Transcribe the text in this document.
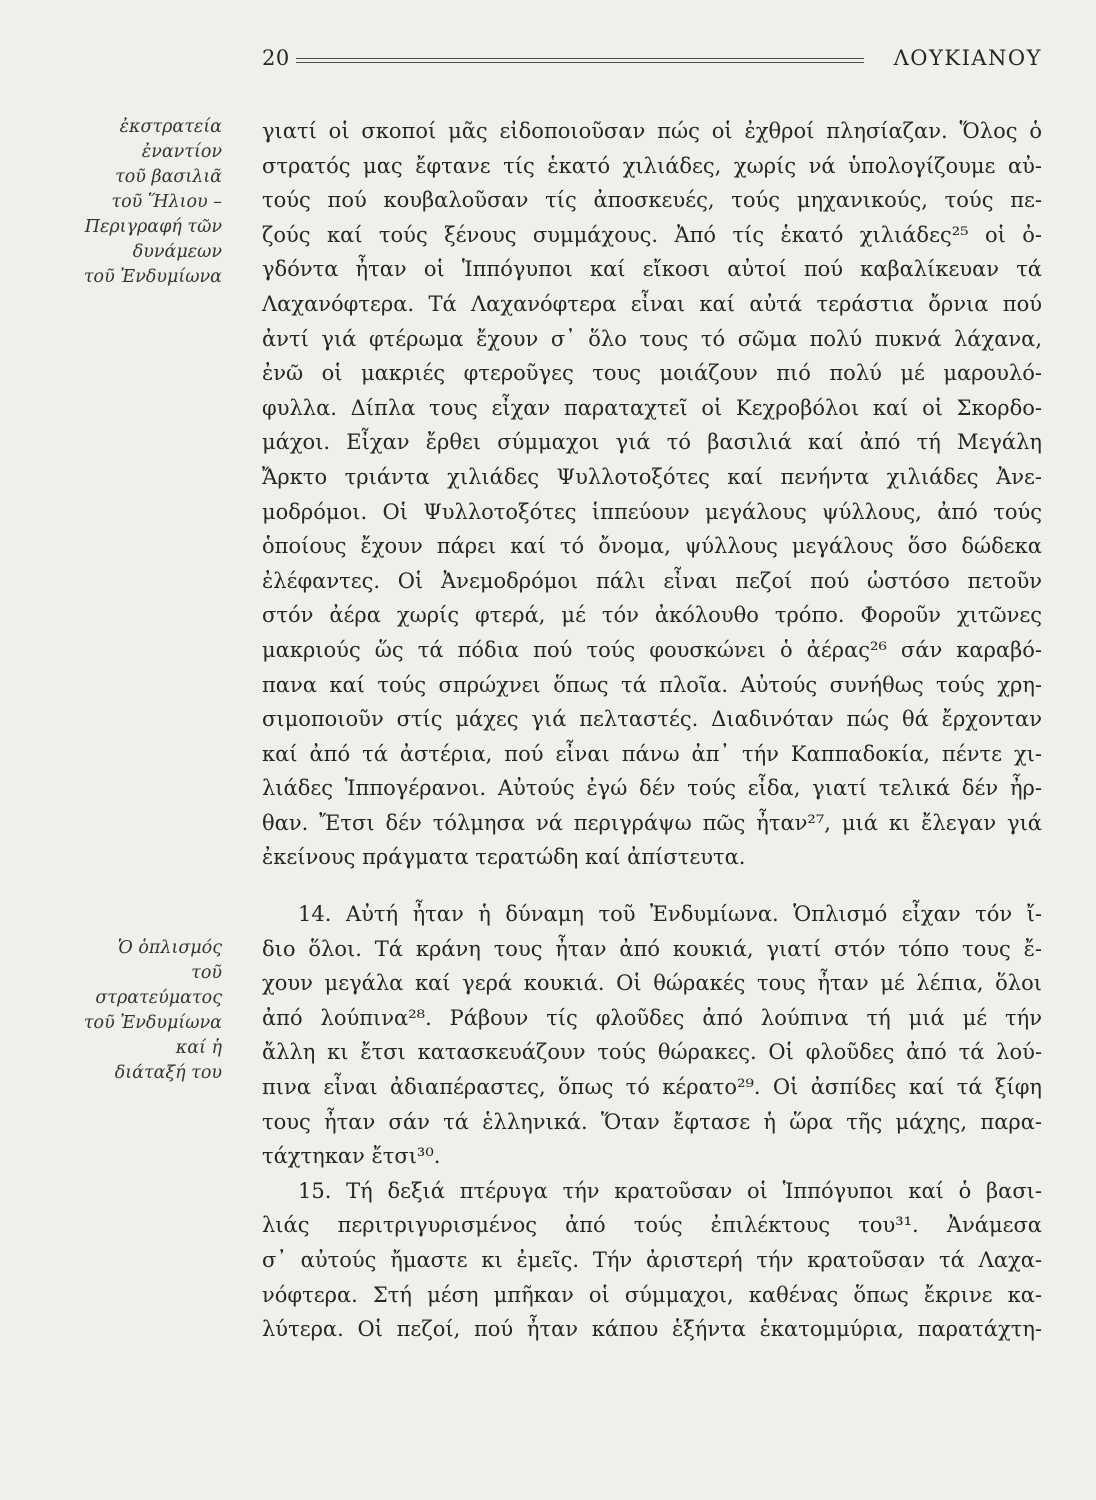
20	ΛΟΥΚΙΑΝΟΥ
ἐκστρατεία
ἐναντίον
τοῦ βασιλιᾶ
τοῦ Ἥλιου –
Περιγραφή τῶν
δυνάμεων
τοῦ Ἐνδυμίωνα
Ὁ ὁπλισμός
τοῦ
στρατεύματος
τοῦ Ἐνδυμίωνα
καί ἡ
διάταξή του
γιατί οἱ σκοποί μᾶς εἰδοποιοῦσαν πώς οἱ ἐχθροί πλησίαζαν. Ὅλος ὁ
στρατός μας ἔφτανε τίς ἑκατό χιλιάδες, χωρίς νά ὑπολογίζουμε αὐ-
τούς πού κουβαλοῦσαν τίς ἀποσκευές, τούς μηχανικούς, τούς πε-
ζούς καί τούς ξένους συμμάχους. Ἀπό τίς ἑκατό χιλιάδες²⁵ οἱ ὀ-
γδόντα ἦταν οἱ Ἱππόγυποι καί εἴκοσι αὐτοί πού καβαλίκευαν τά
Λαχανόφτερα. Τά Λαχανόφτερα εἶναι καί αὐτά τεράστια ὄρνια πού
ἀντί γιά φτέρωμα ἔχουν σ᾽ ὅλο τους τό σῶμα πολύ πυκνά λάχανα,
ἐνῶ οἱ μακριές φτεροῦγες τους μοιάζουν πιό πολύ μέ μαρουλό-
φυλλα. Δίπλα τους εἶχαν παραταχτεῖ οἱ Κεχροβόλοι καί οἱ Σκορδο-
μάχοι. Εἶχαν ἔρθει σύμμαχοι γιά τό βασιλιά καί ἀπό τή Μεγάλη
Ἄρκτο τριάντα χιλιάδες Ψυλλοτοξότες καί πενήντα χιλιάδες Ἀνε-
μοδρόμοι. Οἱ Ψυλλοτοξότες ἱππεύουν μεγάλους ψύλλους, ἀπό τούς
ὁποίους ἔχουν πάρει καί τό ὄνομα, ψύλλους μεγάλους ὅσο δώδεκα
ἐλέφαντες. Οἱ Ἀνεμοδρόμοι πάλι εἶναι πεζοί πού ὡστόσο πετοῦν
στόν ἀέρα χωρίς φτερά, μέ τόν ἀκόλουθο τρόπο. Φοροῦν χιτῶνες
μακριούς ὥς τά πόδια πού τούς φουσκώνει ὁ ἀέρας²⁶ σάν καραβό-
πανα καί τούς σπρώχνει ὅπως τά πλοῖα. Αὐτούς συνήθως τούς χρη-
σιμοποιοῦν στίς μάχες γιά πελταστές. Διαδινόταν πώς θά ἔρχονταν
καί ἀπό τά ἀστέρια, πού εἶναι πάνω ἀπ᾽ τήν Καππαδοκία, πέντε χι-
λιάδες Ἱππογέρανοι. Αὐτούς ἐγώ δέν τούς εἶδα, γιατί τελικά δέν ἦρ-
θαν. Ἔτσι δέν τόλμησα νά περιγράψω πῶς ἦταν²⁷, μιά κι ἔλεγαν γιά
ἐκείνους πράγματα τερατώδη καί ἀπίστευτα.
14. Αὐτή ἦταν ἡ δύναμη τοῦ Ἐνδυμίωνα. Ὁπλισμό εἶχαν τόν ἴ-
διο ὅλοι. Τά κράνη τους ἦταν ἀπό κουκιά, γιατί στόν τόπο τους ἔ-
χουν μεγάλα καί γερά κουκιά. Οἱ θώρακές τους ἦταν μέ λέπια, ὅλοι
ἀπό λούπινα²⁸. Ράβουν τίς φλοῦδες ἀπό λούπινα τή μιά μέ τήν
ἄλλη κι ἔτσι κατασκευάζουν τούς θώρακες. Οἱ φλοῦδες ἀπό τά λού-
πινα εἶναι ἀδιαπέραστες, ὅπως τό κέρατο²⁹. Οἱ ἀσπίδες καί τά ξίφη
τους ἦταν σάν τά ἑλληνικά. Ὅταν ἔφτασε ἡ ὥρα τῆς μάχης, παρα-
τάχτηκαν ἔτσι³⁰.
15. Τή δεξιά πτέρυγα τήν κρατοῦσαν οἱ Ἱππόγυποι καί ὁ βασι-
λιάς περιτριγυρισμένος ἀπό τούς ἐπιλέκτους του³¹. Ἀνάμεσα
σ᾽ αὐτούς ἤμαστε κι ἐμεῖς. Τήν ἀριστερή τήν κρατοῦσαν τά Λαχα-
νόφτερα. Στή μέση μπῆκαν οἱ σύμμαχοι, καθένας ὅπως ἔκρινε κα-
λύτερα. Οἱ πεζοί, πού ἦταν κάπου ἑξήντα ἑκατομμύρια, παρατάχτη-
